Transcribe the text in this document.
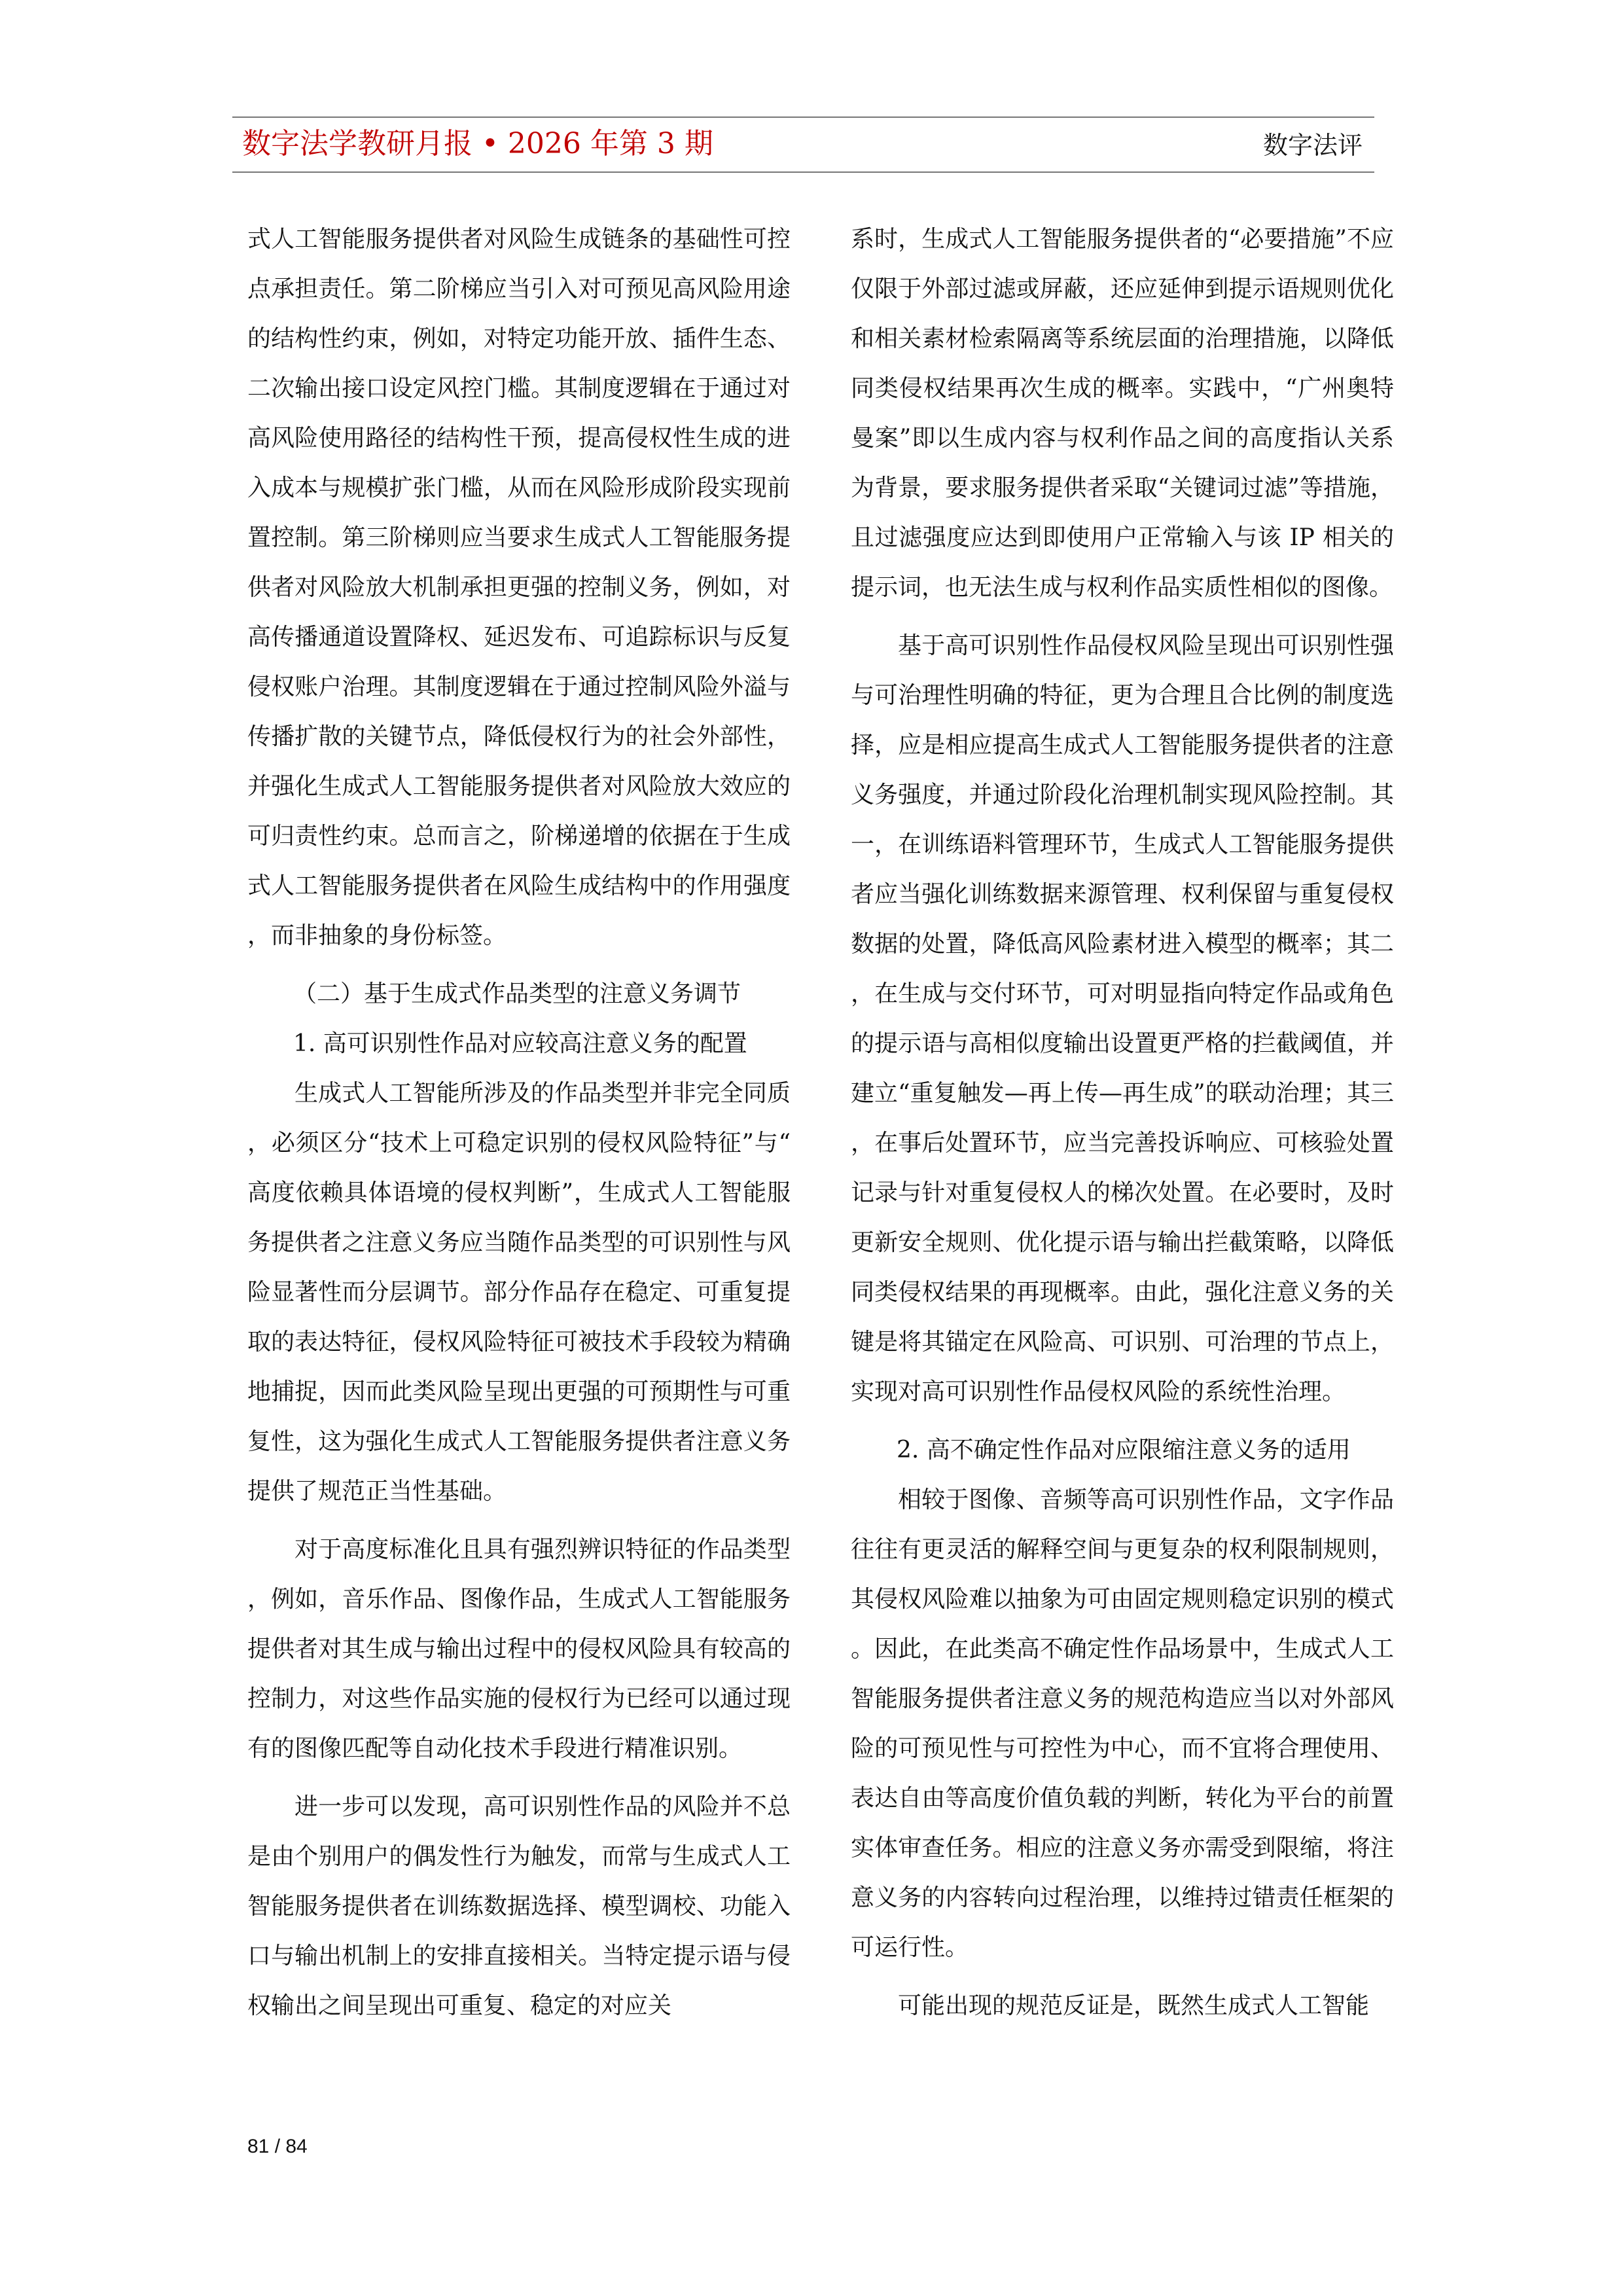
数字法学教研月报 • 2026 年第 3 期	数字法评

式人工智能服务提供者对风险生成链条的基础性可控点承担责任。第二阶梯应当引入对可预见高风险用途的结构性约束，例如，对特定功能开放、插件生态、二次输出接口设定风控门槛。其制度逻辑在于通过对高风险使用路径的结构性干预，提高侵权性生成的进入成本与规模扩张门槛，从而在风险形成阶段实现前置控制。第三阶梯则应当要求生成式人工智能服务提供者对风险放大机制承担更强的控制义务，例如，对高传播通道设置降权、延迟发布、可追踪标识与反复侵权账户治理。其制度逻辑在于通过控制风险外溢与传播扩散的关键节点，降低侵权行为的社会外部性，并强化生成式人工智能服务提供者对风险放大效应的可归责性约束。总而言之，阶梯递增的依据在于生成式人工智能服务提供者在风险生成结构中的作用强度，而非抽象的身份标签。

（二）基于生成式作品类型的注意义务调节

1. 高可识别性作品对应较高注意义务的配置

生成式人工智能所涉及的作品类型并非完全同质，必须区分“技术上可稳定识别的侵权风险特征”与“高度依赖具体语境的侵权判断”，生成式人工智能服务提供者之注意义务应当随作品类型的可识别性与风险显著性而分层调节。部分作品存在稳定、可重复提取的表达特征，侵权风险特征可被技术手段较为精确地捕捉，因而此类风险呈现出更强的可预期性与可重复性，这为强化生成式人工智能服务提供者注意义务提供了规范正当性基础。

对于高度标准化且具有强烈辨识特征的作品类型，例如，音乐作品、图像作品，生成式人工智能服务提供者对其生成与输出过程中的侵权风险具有较高的控制力，对这些作品实施的侵权行为已经可以通过现有的图像匹配等自动化技术手段进行精准识别。

进一步可以发现，高可识别性作品的风险并不总是由个别用户的偶发性行为触发，而常与生成式人工智能服务提供者在训练数据选择、模型调校、功能入口与输出机制上的安排直接相关。当特定提示语与侵权输出之间呈现出可重复、稳定的对应关

系时，生成式人工智能服务提供者的“必要措施”不应仅限于外部过滤或屏蔽，还应延伸到提示语规则优化和相关素材检索隔离等系统层面的治理措施，以降低同类侵权结果再次生成的概率。实践中，“广州奥特曼案”即以生成内容与权利作品之间的高度指认关系为背景，要求服务提供者采取“关键词过滤”等措施，且过滤强度应达到即使用户正常输入与该 IP 相关的提示词，也无法生成与权利作品实质性相似的图像。

基于高可识别性作品侵权风险呈现出可识别性强与可治理性明确的特征，更为合理且合比例的制度选择，应是相应提高生成式人工智能服务提供者的注意义务强度，并通过阶段化治理机制实现风险控制。其一，在训练语料管理环节，生成式人工智能服务提供者应当强化训练数据来源管理、权利保留与重复侵权数据的处置，降低高风险素材进入模型的概率；其二，在生成与交付环节，可对明显指向特定作品或角色的提示语与高相似度输出设置更严格的拦截阈值，并建立“重复触发—再上传—再生成”的联动治理；其三，在事后处置环节，应当完善投诉响应、可核验处置记录与针对重复侵权人的梯次处置。在必要时，及时更新安全规则、优化提示语与输出拦截策略，以降低同类侵权结果的再现概率。由此，强化注意义务的关键是将其锚定在风险高、可识别、可治理的节点上，实现对高可识别性作品侵权风险的系统性治理。

2. 高不确定性作品对应限缩注意义务的适用

相较于图像、音频等高可识别性作品，文字作品往往有更灵活的解释空间与更复杂的权利限制规则，其侵权风险难以抽象为可由固定规则稳定识别的模式。因此，在此类高不确定性作品场景中，生成式人工智能服务提供者注意义务的规范构造应当以对外部风险的可预见性与可控性为中心，而不宜将合理使用、表达自由等高度价值负载的判断，转化为平台的前置实体审查任务。相应的注意义务亦需受到限缩，将注意义务的内容转向过程治理，以维持过错责任框架的可运行性。

可能出现的规范反证是，既然生成式人工智能

81 / 84
